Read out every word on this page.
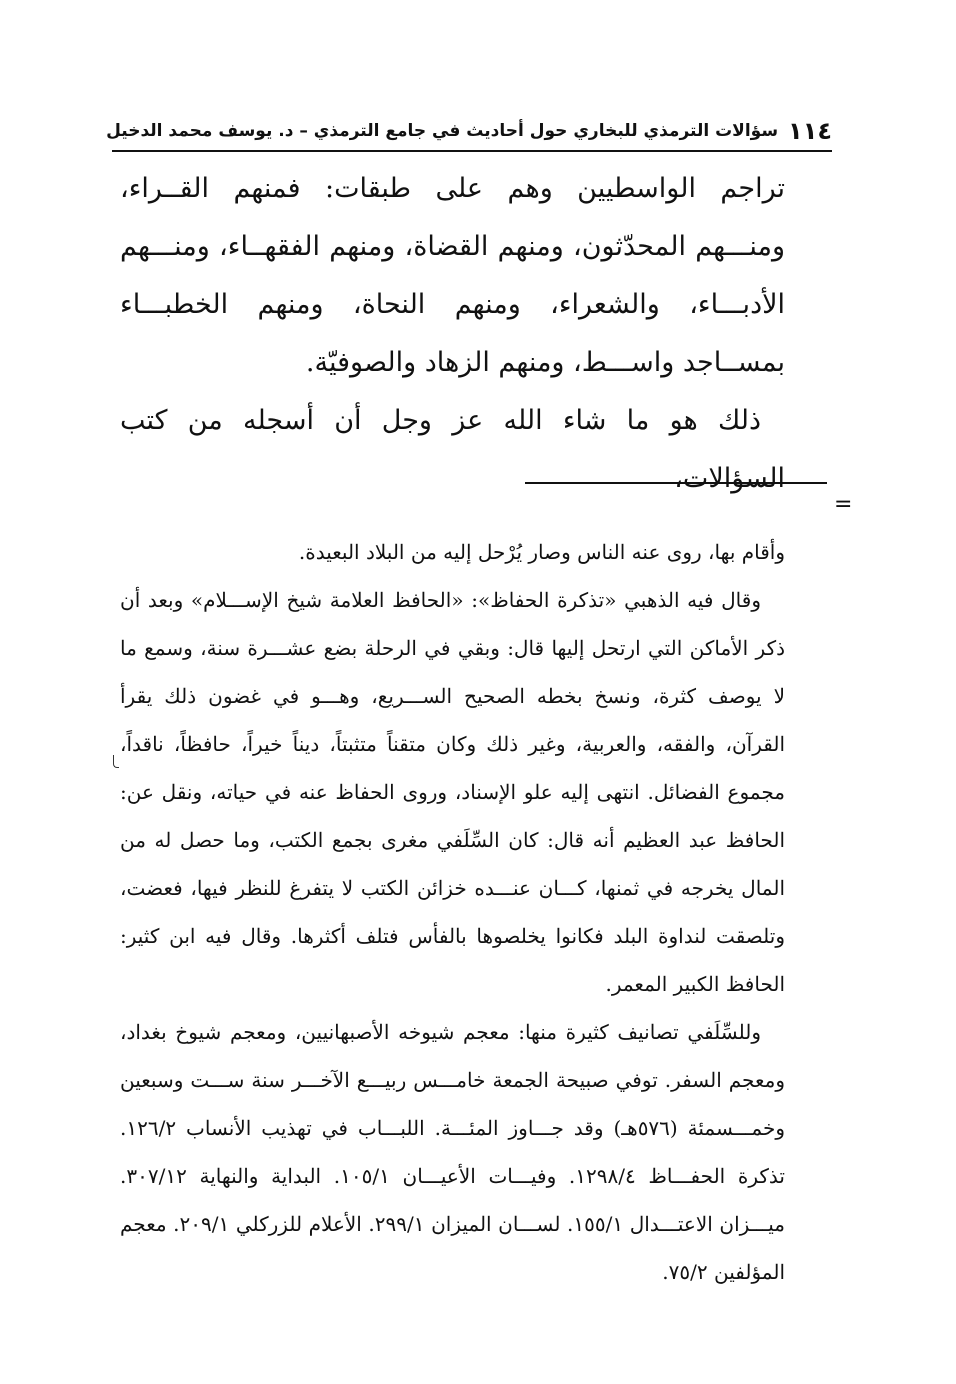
١١٤
سؤالات الترمذي للبخاري حول أحاديث في جامع الترمذي – د. يوسف محمد الدخيل

تراجم الواسطيين وهم على طبقات: فمنهم القــراء، ومنـــهم المحدّثون، ومنهم القضاة، ومنهم الفقهــاء، ومنـــهم الأدبـــاء، والشعراء، ومنهم النحاة، ومنهم الخطبـــاء بمســاجد واســـط، ومنهم الزهاد والصوفيّة.

ذلك هو ما شاء الله عز وجل أن أسجله من كتب السؤالات،

=

وأقام بها، روى عنه الناس وصار يُرْحل إليه من البلاد البعيدة.

وقال فيه الذهبي «تذكرة الحفاظ»: «الحافظ العلامة شيخ الإســـلام» وبعد أن ذكر الأماكن التي ارتحل إليها قال: وبقي في الرحلة بضع عشـــرة سنة، وسمع ما لا يوصف كثرة، ونسخ بخطه الصحيح الســـريع، وهـــو في غضون ذلك يقرأ القرآن، والفقه، والعربية، وغير ذلك وكان متقناً متثبتاً، ديناً خيراً، حافظاً، ناقداً، مجموع الفضائل. انتهى إليه علو الإسناد، وروى الحفاظ عنه في حياته، ونقل عن: الحافظ عبد العظيم أنه قال: كان السِّلَفي مغرى بجمع الكتب، وما حصل له من المال يخرجه في ثمنها، كـــان عنـــده خزائن الكتب لا يتفرغ للنظر فيها، فعضت، وتلصقت لنداوة البلد فكانوا يخلصوها بالفأس فتلف أكثرها. وقال فيه ابن كثير: الحافظ الكبير المعمر.

وللسِّلَفي تصانيف كثيرة منها: معجم شيوخه الأصبهانيين، ومعجم شيوخ بغداد، ومعجم السفر. توفي صبيحة الجمعة خامـــس ربيـــع الآخـــر سنة ســـت وسبعين وخمـــسمئة (٥٧٦هـ) وقد جـــاوز المئـــة. اللبـــاب في تهذيب الأنساب ١٢٦/٢. تذكرة الحفـــاظ ١٢٩٨/٤. وفيـــات الأعيـــان ١٠٥/١. البداية والنهاية ٣٠٧/١٢. ميـــزان الاعتـــدال ١٥٥/١. لســـان الميزان ٢٩٩/١. الأعلام للزركلي ٢٠٩/١. معجم المؤلفين ٧٥/٢.
